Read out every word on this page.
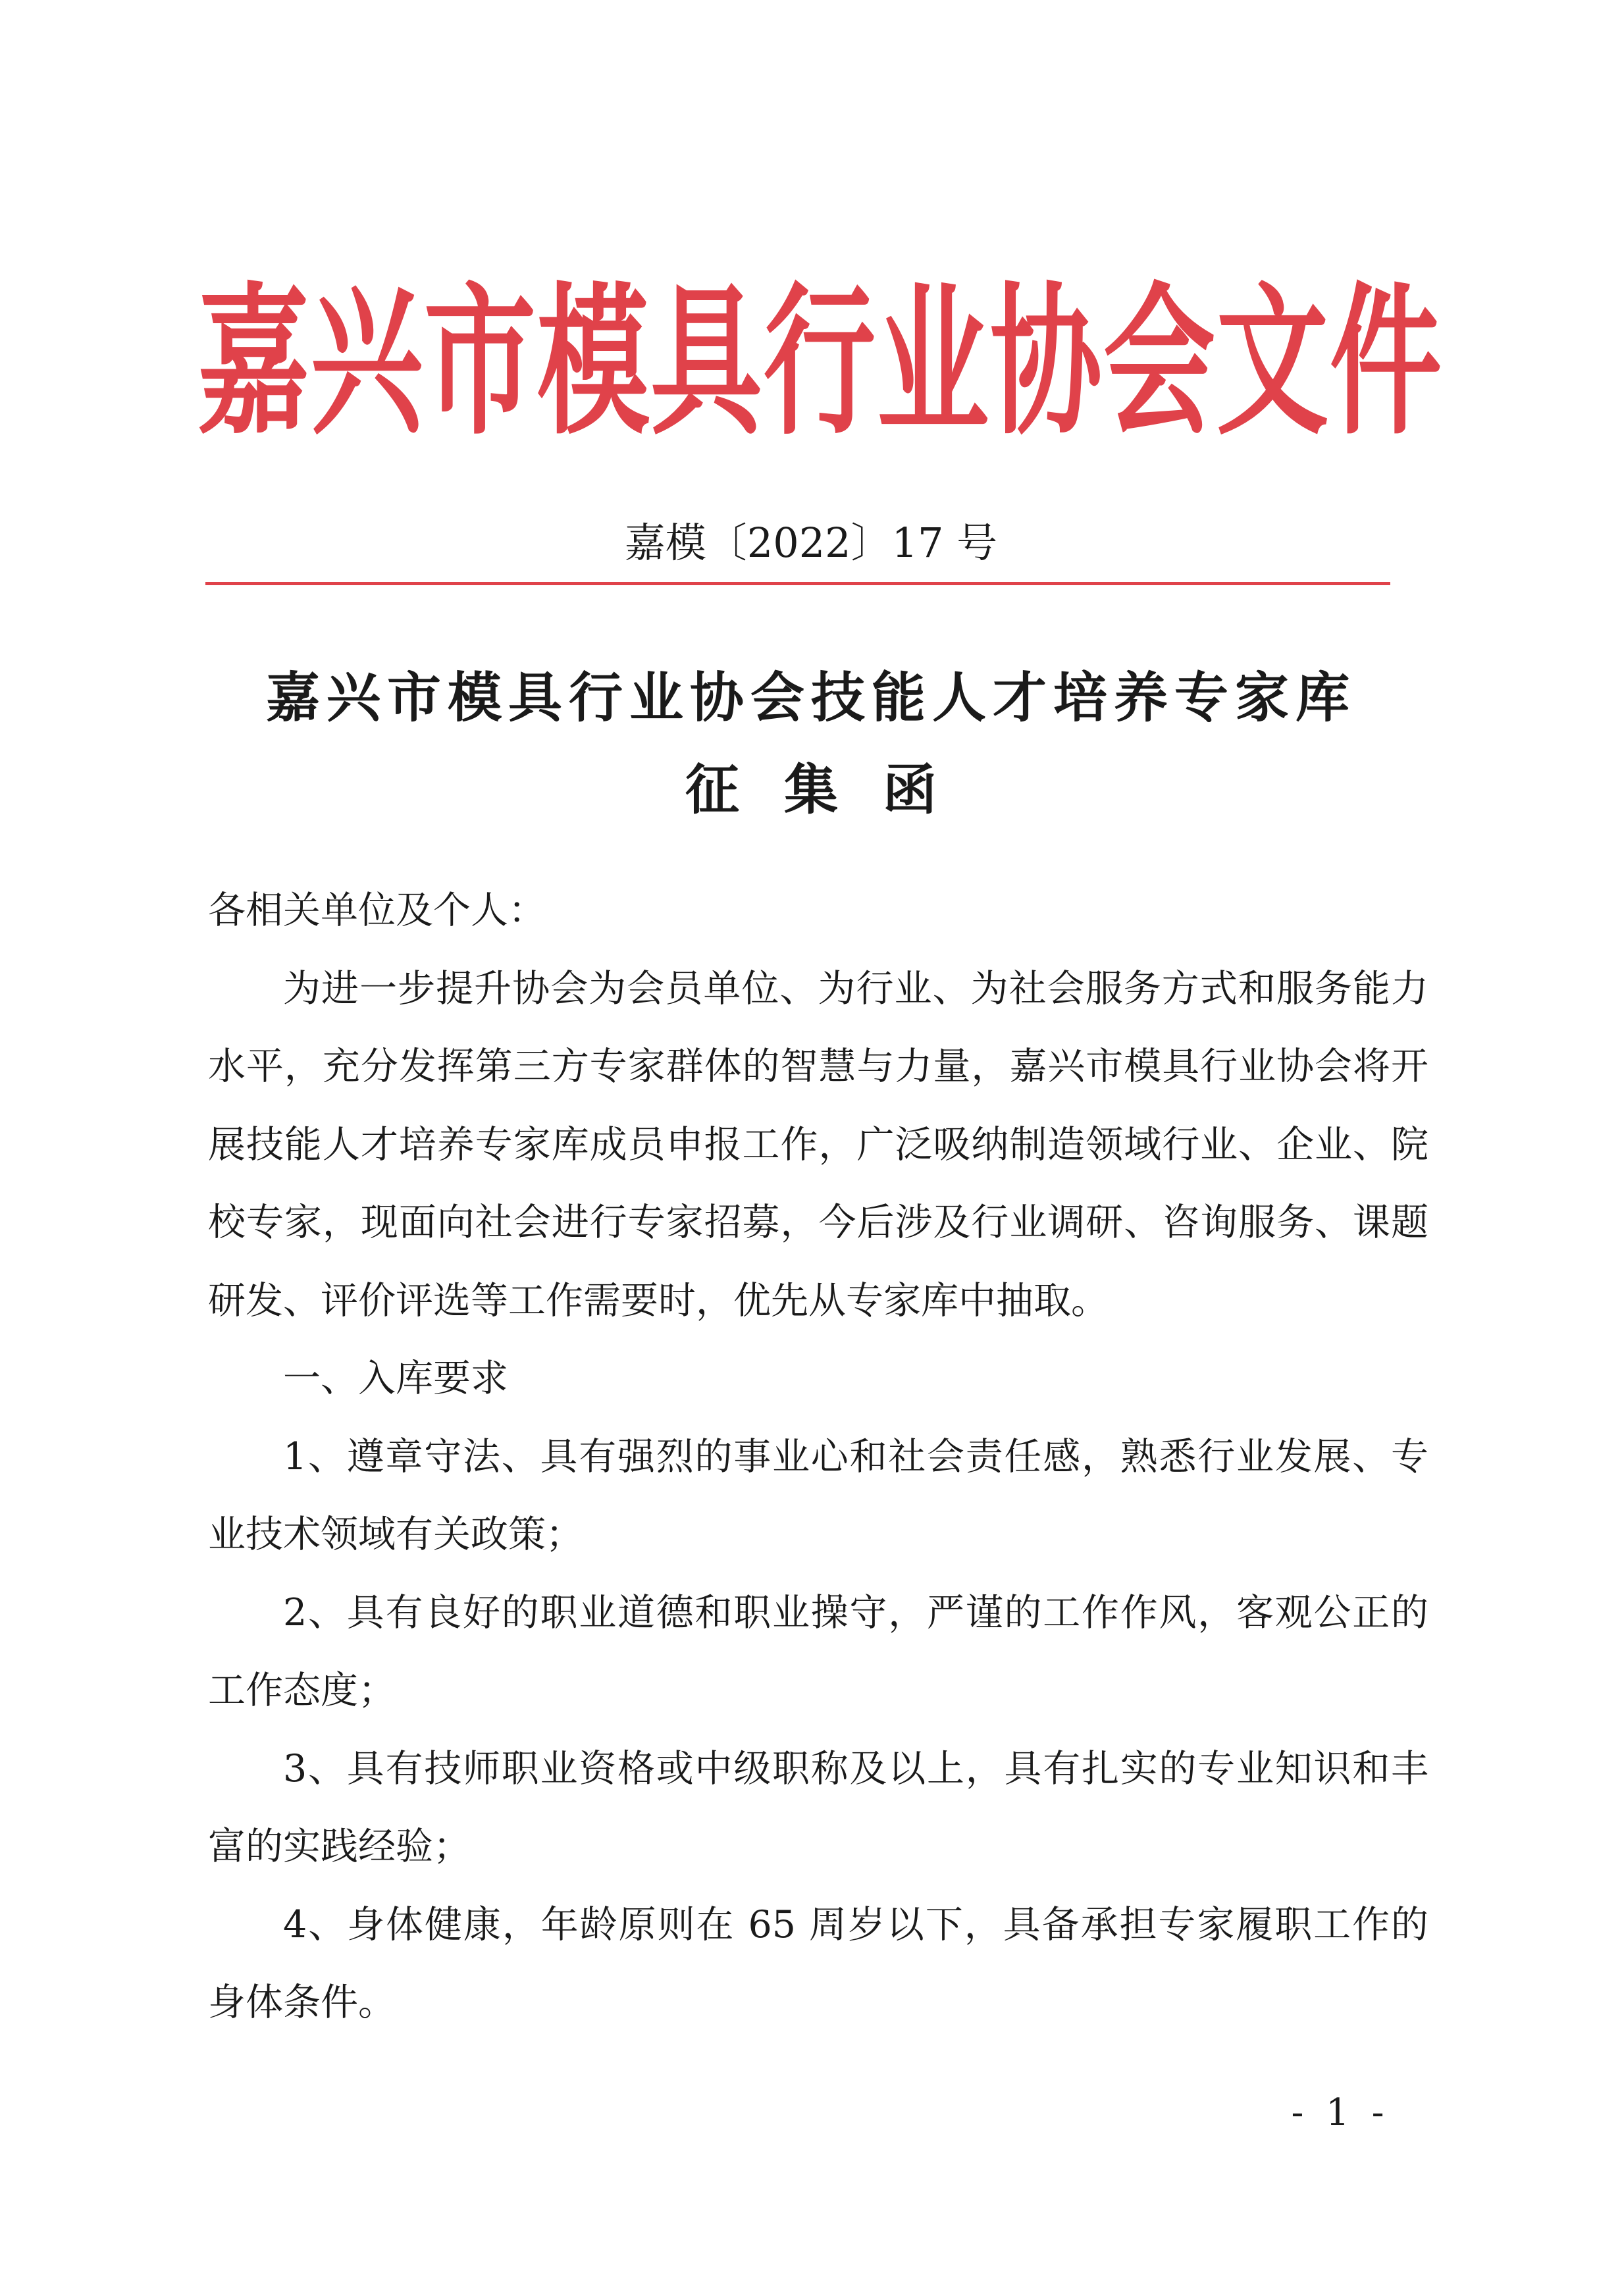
嘉兴市模具行业协会文件
嘉模〔2022〕17 号
嘉兴市模具行业协会技能人才培养专家库
征集函

各相关单位及个人：

为进一步提升协会为会员单位、为行业、为社会服务方式和服务能力水平，充分发挥第三方专家群体的智慧与力量，嘉兴市模具行业协会将开展技能人才培养专家库成员申报工作，广泛吸纳制造领域行业、企业、院校专家，现面向社会进行专家招募，今后涉及行业调研、咨询服务、课题研发、评价评选等工作需要时，优先从专家库中抽取。

一、入库要求

1、遵章守法、具有强烈的事业心和社会责任感，熟悉行业发展、专业技术领域有关政策；

2、具有良好的职业道德和职业操守，严谨的工作作风，客观公正的工作态度；

3、具有技师职业资格或中级职称及以上，具有扎实的专业知识和丰富的实践经验；

4、身体健康，年龄原则在 65 周岁以下，具备承担专家履职工作的身体条件。

- 1 -
